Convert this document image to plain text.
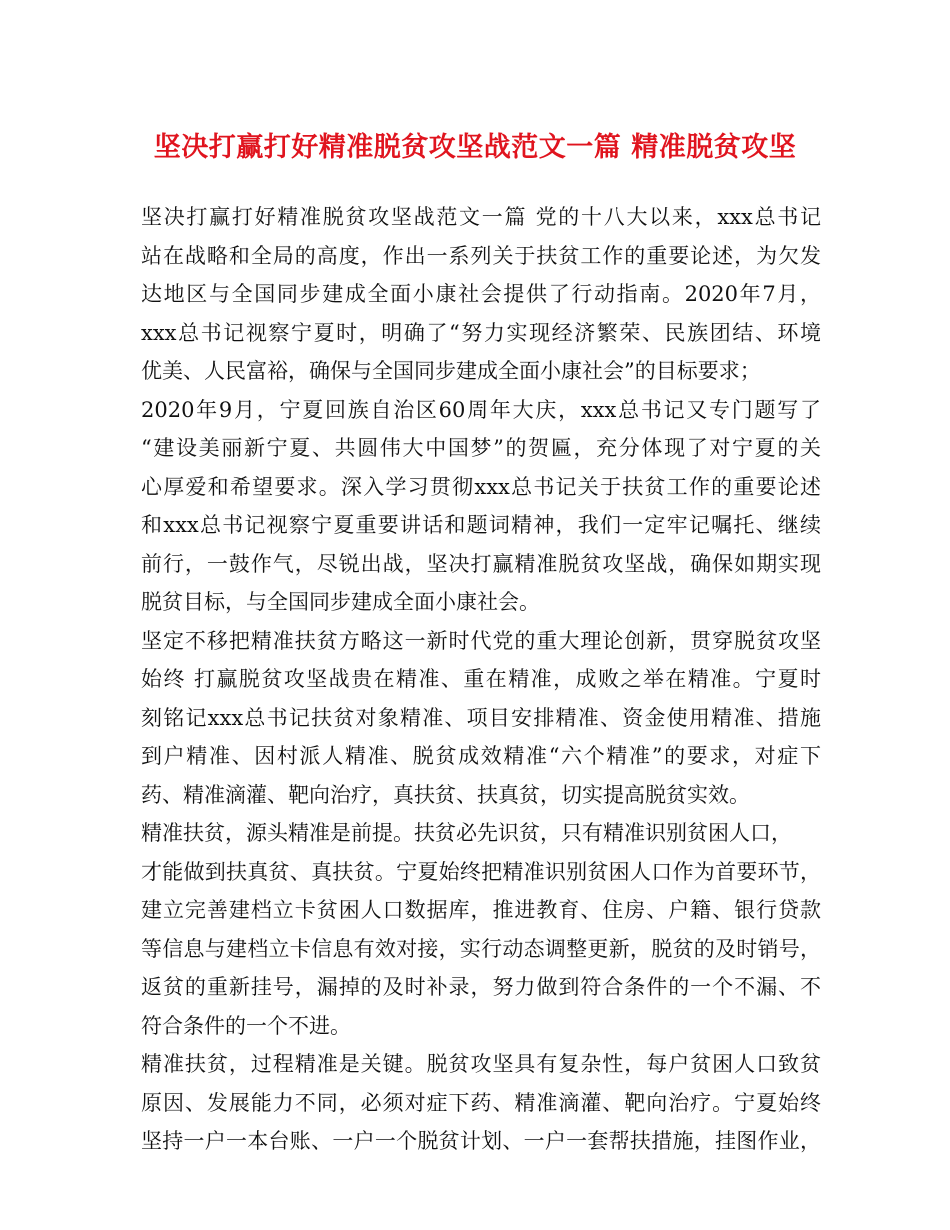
坚决打赢打好精准脱贫攻坚战范文一篇 精准脱贫攻坚
坚决打赢打好精准脱贫攻坚战范文一篇 党的十八大以来，xxx总书记
站在战略和全局的高度，作出一系列关于扶贫工作的重要论述，为欠发
达地区与全国同步建成全面小康社会提供了行动指南。2020年7月，
xxx总书记视察宁夏时，明确了“努力实现经济繁荣、民族团结、环境
优美、人民富裕，确保与全国同步建成全面小康社会”的目标要求；
2020年9月，宁夏回族自治区60周年大庆，xxx总书记又专门题写了
“建设美丽新宁夏、共圆伟大中国梦”的贺匾，充分体现了对宁夏的关
心厚爱和希望要求。深入学习贯彻xxx总书记关于扶贫工作的重要论述
和xxx总书记视察宁夏重要讲话和题词精神，我们一定牢记嘱托、继续
前行，一鼓作气，尽锐出战，坚决打赢精准脱贫攻坚战，确保如期实现
脱贫目标，与全国同步建成全面小康社会。
坚定不移把精准扶贫方略这一新时代党的重大理论创新，贯穿脱贫攻坚
始终 打赢脱贫攻坚战贵在精准、重在精准，成败之举在精准。宁夏时
刻铭记xxx总书记扶贫对象精准、项目安排精准、资金使用精准、措施
到户精准、因村派人精准、脱贫成效精准“六个精准”的要求，对症下
药、精准滴灌、靶向治疗，真扶贫、扶真贫，切实提高脱贫实效。
精准扶贫，源头精准是前提。扶贫必先识贫，只有精准识别贫困人口，
才能做到扶真贫、真扶贫。宁夏始终把精准识别贫困人口作为首要环节，
建立完善建档立卡贫困人口数据库，推进教育、住房、户籍、银行贷款
等信息与建档立卡信息有效对接，实行动态调整更新，脱贫的及时销号，
返贫的重新挂号，漏掉的及时补录，努力做到符合条件的一个不漏、不
符合条件的一个不进。
精准扶贫，过程精准是关键。脱贫攻坚具有复杂性，每户贫困人口致贫
原因、发展能力不同，必须对症下药、精准滴灌、靶向治疗。宁夏始终
坚持一户一本台账、一户一个脱贫计划、一户一套帮扶措施，挂图作业，
